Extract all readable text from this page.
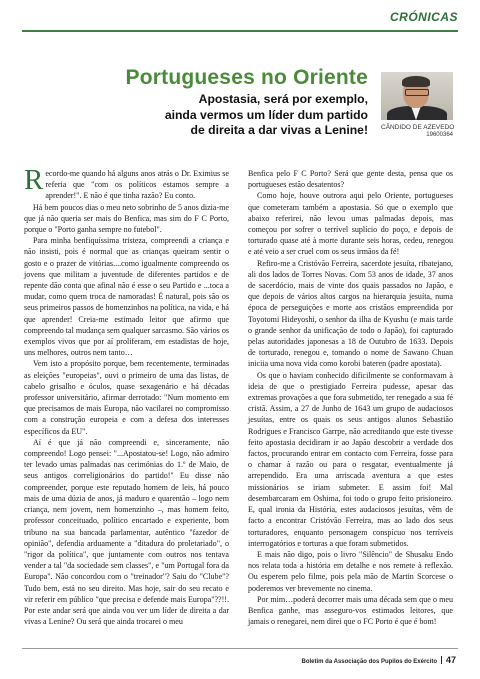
CRÓNICAS
Portugueses no Oriente
Apostasia, será por exemplo,
ainda vermos um líder dum partido
de direita a dar vivas a Lenine! CÂNDIDO DE AZEVEDO
19600364

Recordo-me quando há alguns anos atrás o Dr. Eximius se referia que "com os políticos estamos sempre a aprender!". E não é que tinha razão? Eu conto.

Há bem poucos dias o meu neto sobrinho de 5 anos dizia-me que já não queria ser mais do Benfica, mas sim do F C Porto, porque o "Porto ganha sempre no futebol".

Para minha benfiquíssima tristeza, compreendi a criança e não insisti, pois é normal que as crianças queiram sentir o gosto e o prazer de vitórias....como igualmente compreendo os jovens que militam a juventude de diferentes partidos e de repente dão conta que afinal não é esse o seu Partido e ...toca a mudar, como quem troca de namoradas! É natural, pois são os seus primeiros passos de homenzinhos na política, na vida, e há que aprender! Creia-me estimado leitor que afirmo que compreendo tal mudança sem qualquer sarcasmo. São vários os exemplos vivos que por aí proliferam, em estadistas de hoje, uns melhores, outros nem tanto…

Vem isto a propósito porque, bem recentemente, terminadas as eleições "europeias", ouvi o primeiro de uma das listas, de cabelo grisalho e óculos, quase sexagenário e há décadas professor universitário, afirmar derrotado: "Num momento em que precisamos de mais Europa, não vacilarei no compromisso com a construção europeia e com a defesa dos interesses específicos da EU".

Aí é que já não compreendi e, sinceramente, não compreendo! Logo pensei: "...Apostatou-se! Logo, não admiro ter levado umas palmadas nas cerimónias do 1.º de Maio, de seus antigos correligionários do partido!" Eu disse não compreender, porque este reputado homem de leis, há pouco mais de uma dúzia de anos, já maduro e quarentão – logo nem criança, nem jovem, nem homenzinho –, mas homem feito, professor conceituado, político encartado e experiente, bom tribuno na sua bancada parlamentar, autêntico "fazedor de opinião", defendia arduamente a "ditadura do proletariado", o "rigor da política", que juntamente com outros nos tentava vender a tal "da sociedade sem classes", e "um Portugal fora da Europa". Não concordou com o "treinador"? Saiu do "Clube"? Tudo bem, está no seu direito. Mas hoje, sair do seu recato e vir referir em público "que precisa e defende mais Europa"??!!. Por este andar será que ainda vou ver um líder de direita a dar vivas a Lenine? Ou será que ainda trocarei o meu

Benfica pelo F C Porto? Será que gente desta, pensa que os portugueses estão desatentos?

Como hoje, houve outrora aqui pelo Oriente, portugueses que cometeram também a apostasia. Só que o exemplo que abaixo referirei, não levou umas palmadas depois, mas começou por sofrer o terrível suplício do poço, e depois de torturado quase até à morte durante seis horas, cedeu, renegou e até veio a ser cruel com os seus irmãos da fé!

Refiro-me a Cristóvão Ferreira, sacerdote jesuíta, ribatejano, ali dos lados de Torres Novas. Com 53 anos de idade, 37 anos de sacerdócio, mais de vinte dos quais passados no Japão, e que depois de vários altos cargos na hierarquia jesuíta, numa época de perseguições e morte aos cristãos empreendida por Toyotomi Hideyoshi, o senhor da ilha de Kyushu (e mais tarde o grande senhor da unificação de todo o Japão), foi capturado pelas autoridades japonesas a 18 de Outubro de 1633. Depois de torturado, renegou e, tomando o nome de Sawano Chuan iniciia uma nova vida como korobi bateren (padre apostata).

Os que o haviam conhecido dificilmente se conformavam à ideia de que o prestigiado Ferreira pudesse, apesar das extremas provações a que fora submetido, ter renegado a sua fé cristã. Assim, a 27 de Junho de 1643 um grupo de audaciosos jesuítas, entre os quais os seus antigos alunos Sebastião Rodrigues e Francisco Garrpe, não acreditando que este tivesse feito apostasia decidiram ir ao Japão descobrir a verdade dos factos, procurando entrar em contacto com Ferreira, fosse para o chamar à razão ou para o resgatar, eventualmente já arrependido. Era uma arriscada aventura a que estes missionários se iriam submeter. E assim foi! Mal desembarcaram em Oshima, foi todo o grupo feito prisioneiro. E, qual ironia da História, estes audaciosos jesuítas, vêm de facto a encontrar Cristóvão Ferreira, mas ao lado dos seus torturadores, enquanto personagem conspícuo nos terríveis interrogatórios e torturas a que foram submetidos.

E mais não digo, pois o livro "Silêncio" de Shusaku Endo nos relata toda a história em detalhe e nos remete à reflexão. Ou esperem pelo filme, pois pela mão de Martin Scorcese o poderemos ver brevemente no cinema.

Por mim…poderá decorrer mais uma década sem que o meu Benfica ganhe, mas asseguro-vos estimados leitores, que jamais o renegarei, nem direi que o FC Porto é que é bom!

Boletim da Associação dos Pupilos do Exército 47
